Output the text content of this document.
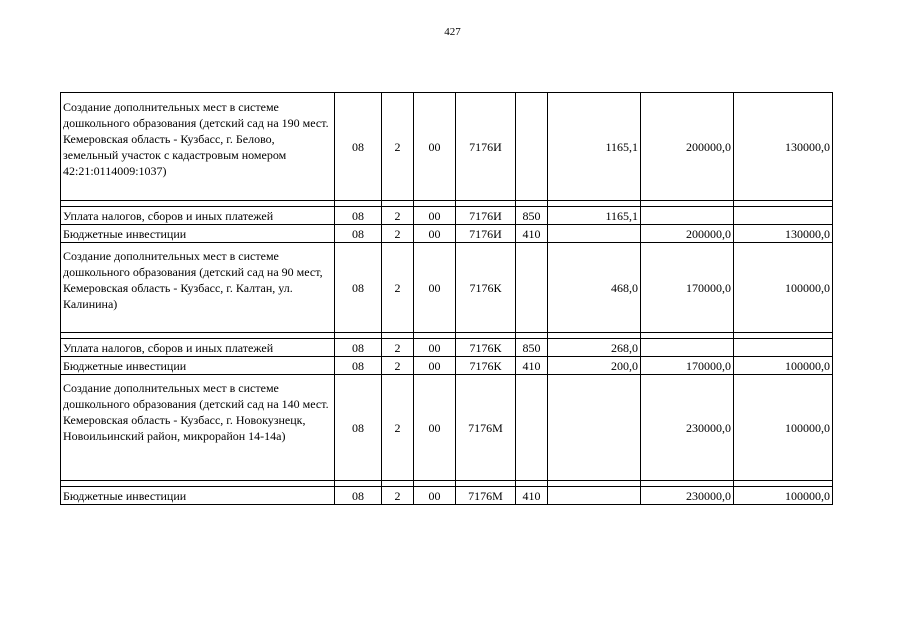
427
Создание дополнительных мест в системе дошкольного образования (детский сад на 190 мест. Кемеровская область - Кузбасс, г. Белово, земельный участок с кадастровым номером 42:21:0114009:1037)	08	2	00	7176И		1165,1	200000,0	130000,0

Уплата налогов, сборов и иных платежей	08	2	00	7176И	850	1165,1		
Бюджетные инвестиции	08	2	00	7176И	410		200000,0	130000,0

Создание дополнительных мест в системе дошкольного образования (детский сад на 90 мест, Кемеровская область - Кузбасс, г. Калтан, ул. Калинина)	08	2	00	7176К		468,0	170000,0	100000,0

Уплата налогов, сборов и иных платежей	08	2	00	7176К	850	268,0		
Бюджетные инвестиции	08	2	00	7176К	410	200,0	170000,0	100000,0

Создание дополнительных мест в системе дошкольного образования (детский сад на 140 мест. Кемеровская область - Кузбасс, г. Новокузнецк, Новоильинский район, микрорайон 14-14а)	08	2	00	7176М			230000,0	100000,0

Бюджетные инвестиции	08	2	00	7176М	410		230000,0	100000,0
